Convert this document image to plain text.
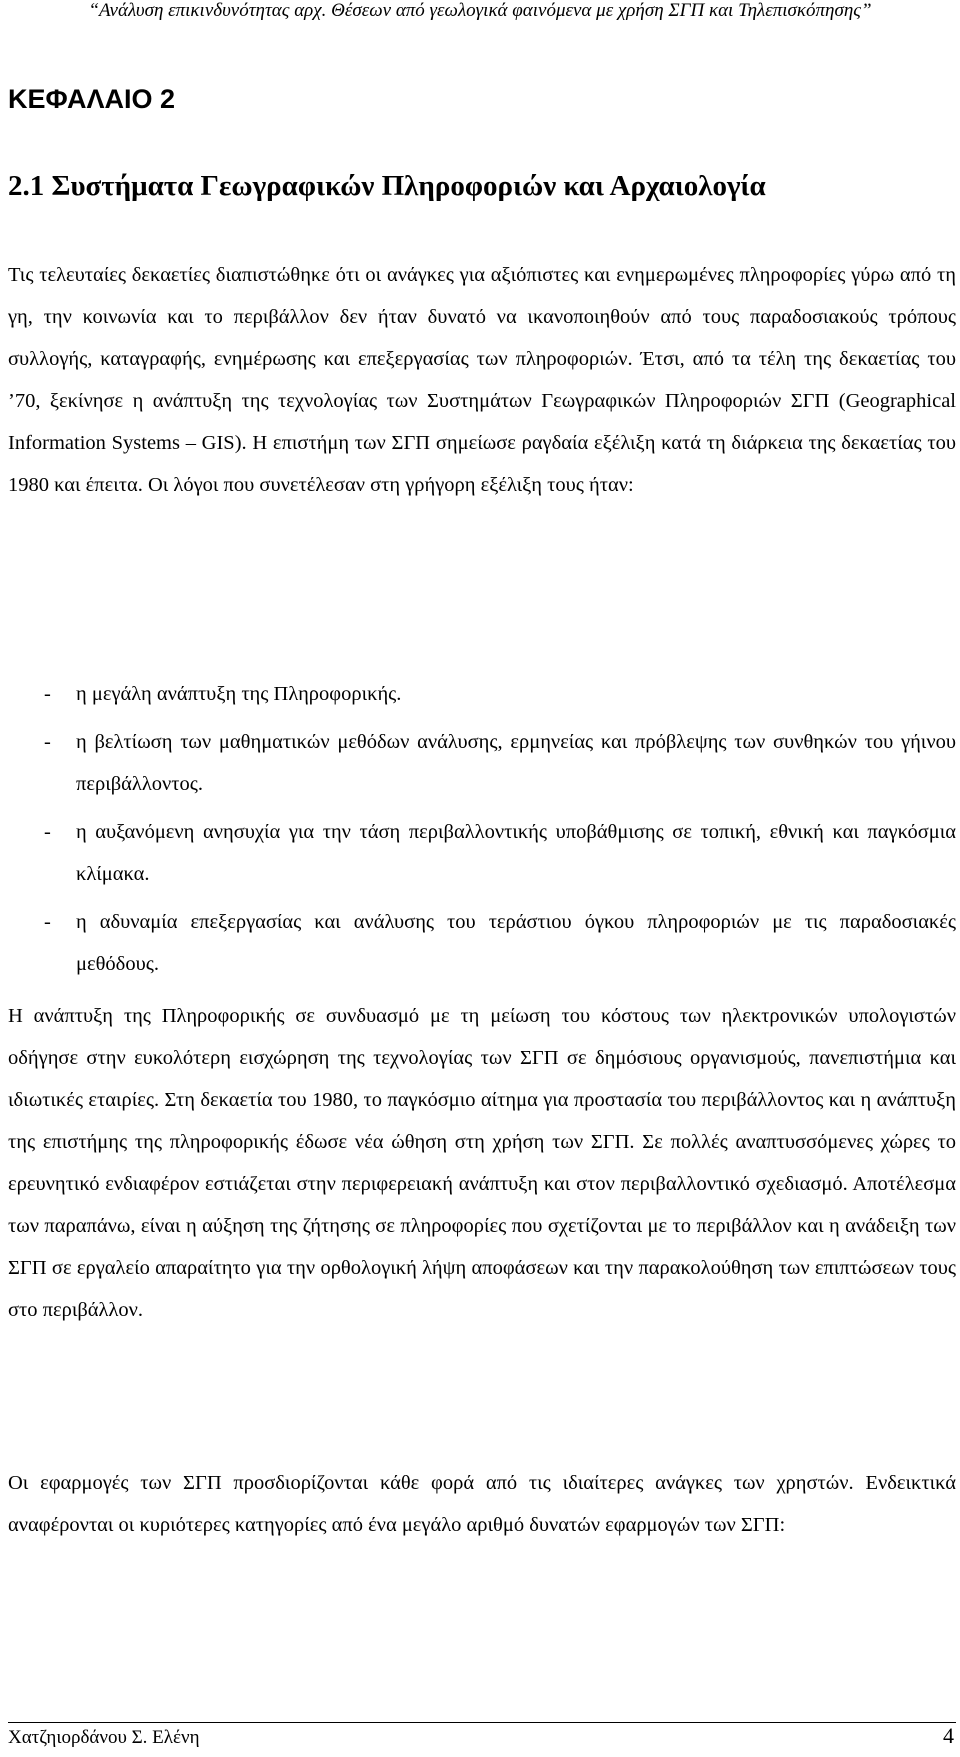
“Ανάλυση επικινδυνότητας αρχ. Θέσεων από γεωλογικά φαινόμενα με χρήση ΣΓΠ και Τηλεπισκόπησης”
ΚΕΦΑΛΑΙΟ 2
2.1 Συστήματα Γεωγραφικών Πληροφοριών και Αρχαιολογία

Τις τελευταίες δεκαετίες διαπιστώθηκε ότι οι ανάγκες για αξιόπιστες και ενημερωμένες πληροφορίες γύρω από τη γη, την κοινωνία και το περιβάλλον δεν ήταν δυνατό να ικανοποιηθούν από τους παραδοσιακούς τρόπους συλλογής, καταγραφής, ενημέρωσης και επεξεργασίας των πληροφοριών. Έτσι, από τα τέλη της δεκαετίας του ’70, ξεκίνησε η ανάπτυξη της τεχνολογίας των Συστημάτων Γεωγραφικών Πληροφοριών ΣΓΠ (Geographical Information Systems – GIS). Η επιστήμη των ΣΓΠ σημείωσε ραγδαία εξέλιξη κατά τη διάρκεια της δεκαετίας του 1980 και έπειτα. Οι λόγοι που συνετέλεσαν στη γρήγορη εξέλιξη τους ήταν:

- η μεγάλη ανάπτυξη της Πληροφορικής.
- η βελτίωση των μαθηματικών μεθόδων ανάλυσης, ερμηνείας και πρόβλεψης των συνθηκών του γήινου περιβάλλοντος.
- η αυξανόμενη ανησυχία για την τάση περιβαλλοντικής υποβάθμισης σε τοπική, εθνική και παγκόσμια κλίμακα.
- η αδυναμία επεξεργασίας και ανάλυσης του τεράστιου όγκου πληροφοριών με τις παραδοσιακές μεθόδους.

Η ανάπτυξη της Πληροφορικής σε συνδυασμό με τη μείωση του κόστους των ηλεκτρονικών υπολογιστών οδήγησε στην ευκολότερη εισχώρηση της τεχνολογίας των ΣΓΠ σε δημόσιους οργανισμούς, πανεπιστήμια και ιδιωτικές εταιρίες. Στη δεκαετία του 1980, το παγκόσμιο αίτημα για προστασία του περιβάλλοντος και η ανάπτυξη της επιστήμης της πληροφορικής έδωσε νέα ώθηση στη χρήση των ΣΓΠ. Σε πολλές αναπτυσσόμενες χώρες το ερευνητικό ενδιαφέρον εστιάζεται στην περιφερειακή ανάπτυξη και στον περιβαλλοντικό σχεδιασμό. Αποτέλεσμα των παραπάνω, είναι η αύξηση της ζήτησης σε πληροφορίες που σχετίζονται με το περιβάλλον και η ανάδειξη των ΣΓΠ σε εργαλείο απαραίτητο για την ορθολογική λήψη αποφάσεων και την παρακολούθηση των επιπτώσεων τους στο περιβάλλον.

Οι εφαρμογές των ΣΓΠ προσδιορίζονται κάθε φορά από τις ιδιαίτερες ανάγκες των χρηστών. Ενδεικτικά αναφέρονται οι κυριότερες κατηγορίες από ένα μεγάλο αριθμό δυνατών εφαρμογών των ΣΓΠ:

Χατζηιορδάνου Σ. Ελένη	4
